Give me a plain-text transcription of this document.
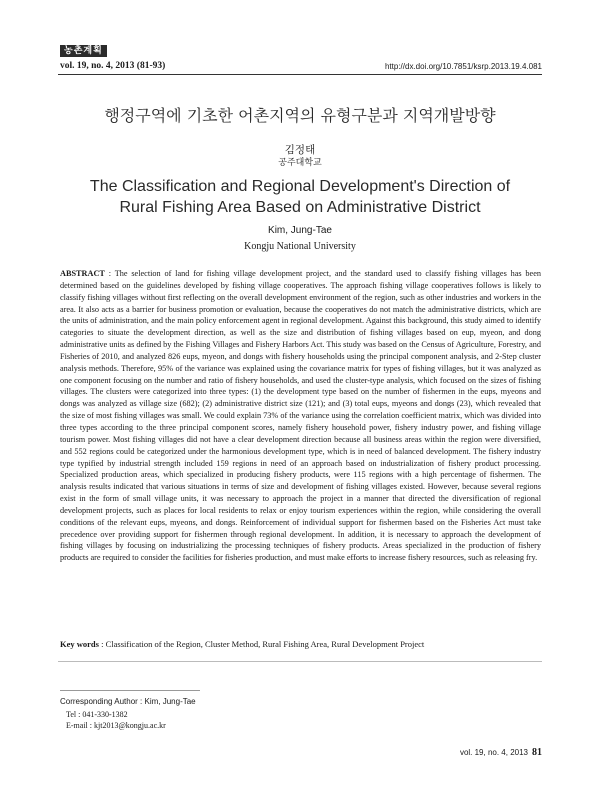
농촌계획
vol. 19, no. 4, 2013 (81-93)	http://dx.doi.org/10.7851/ksrp.2013.19.4.081
행정구역에 기초한 어촌지역의 유형구분과 지역개발방향
김정태
공주대학교
The Classification and Regional Development's Direction of
Rural Fishing Area Based on Administrative District
Kim, Jung-Tae
Kongju National University

ABSTRACT : The selection of land for fishing village development project, and the standard used to classify fishing villages has been determined based on the guidelines developed by fishing village cooperatives. The approach fishing village cooperatives follows is likely to classify fishing villages without first reflecting on the overall development environment of the region, such as other industries and workers in the area. It also acts as a barrier for business promotion or evaluation, because the cooperatives do not match the administrative districts, which are the units of administration, and the main policy enforcement agent in regional development. Against this background, this study aimed to identify categories to situate the development direction, as well as the size and distribution of fishing villages based on eup, myeon, and dong administrative units as defined by the Fishing Villages and Fishery Harbors Act. This study was based on the Census of Agriculture, Forestry, and Fisheries of 2010, and analyzed 826 eups, myeon, and dongs with fishery households using the principal component analysis, and 2-Step cluster analysis methods. Therefore, 95% of the variance was explained using the covariance matrix for types of fishing villages, but it was analyzed as one component focusing on the number and ratio of fishery households, and used the cluster-type analysis, which focused on the sizes of fishing villages. The clusters were categorized into three types: (1) the development type based on the number of fishermen in the eups, myeons and dongs was analyzed as village size (682); (2) administrative district size (121); and (3) total eups, myeons and dongs (23), which revealed that the size of most fishing villages was small. We could explain 73% of the variance using the correlation coefficient matrix, which was divided into three types according to the three principal component scores, namely fishery household power, fishery industry power, and fishing village tourism power. Most fishing villages did not have a clear development direction because all business areas within the region were diversified, and 552 regions could be categorized under the harmonious development type, which is in need of balanced development. The fishery industry type typified by industrial strength included 159 regions in need of an approach based on industrialization of fishery product processing. Specialized production areas, which specialized in producing fishery products, were 115 regions with a high percentage of fishermen. The analysis results indicated that various situations in terms of size and development of fishing villages existed. However, because several regions exist in the form of small village units, it was necessary to approach the project in a manner that directed the diversification of regional development projects, such as places for local residents to relax or enjoy tourism experiences within the region, while considering the overall conditions of the relevant eups, myeons, and dongs. Reinforcement of individual support for fishermen based on the Fisheries Act must take precedence over providing support for fishermen through regional development. In addition, it is necessary to approach the development of fishing villages by focusing on industrializing the processing techniques of fishery products. Areas specialized in the production of fishery products are required to consider the facilities for fisheries production, and must make efforts to increase fishery resources, such as releasing fry.

Key words : Classification of the Region, Cluster Method, Rural Fishing Area, Rural Development Project
Corresponding Author : Kim, Jung-Tae
Tel : 041-330-1382
E-mail : kjt2013@kongju.ac.kr
vol. 19, no. 4, 2013 81
